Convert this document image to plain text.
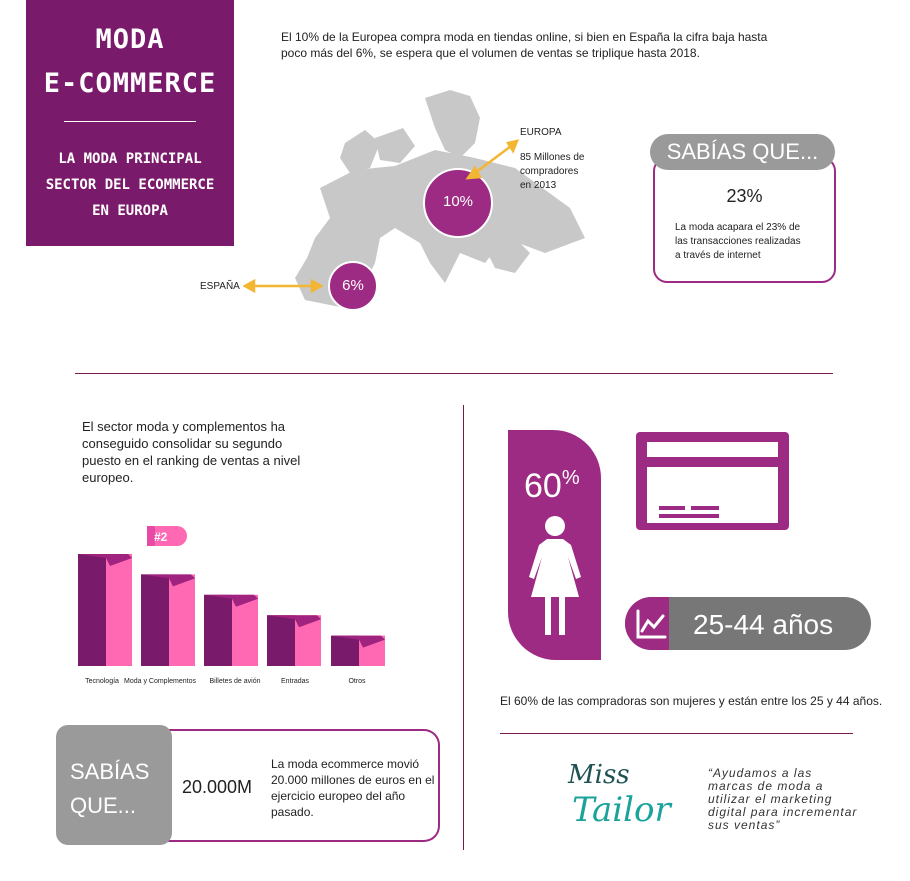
MODA
E-COMMERCE
LA MODA PRINCIPAL
SECTOR DEL ECOMMERCE
EN EUROPA
El 10% de la Europea compra moda en tiendas online, si bien en España la cifra baja hasta poco más del 6%, se espera que el volumen de ventas se triplique hasta 2018.
10%
6%
EUROPA
85 Millones de
compradores
en 2013
ESPAÑA
SABÍAS QUE...
23%
La moda acapara el 23% de
las transacciones realizadas
a través de internet
El sector moda y complementos ha conseguido consolidar su segundo puesto en el ranking de ventas a nivel europeo.
#2
Tecnología Moda y Complementos	Billetes de avión	Entradas	Otros
SABÍAS
QUE...
20.000M
La moda ecommerce movió 20.000 millones de euros en el ejercicio europeo del año pasado.
60%
25-44 años
El 60% de las compradoras son mujeres y están entre los 25 y 44 años.
Miss
Tailor
“Ayudamos a las
marcas de moda a
utilizar el marketing
digital para incrementar
sus ventas”
